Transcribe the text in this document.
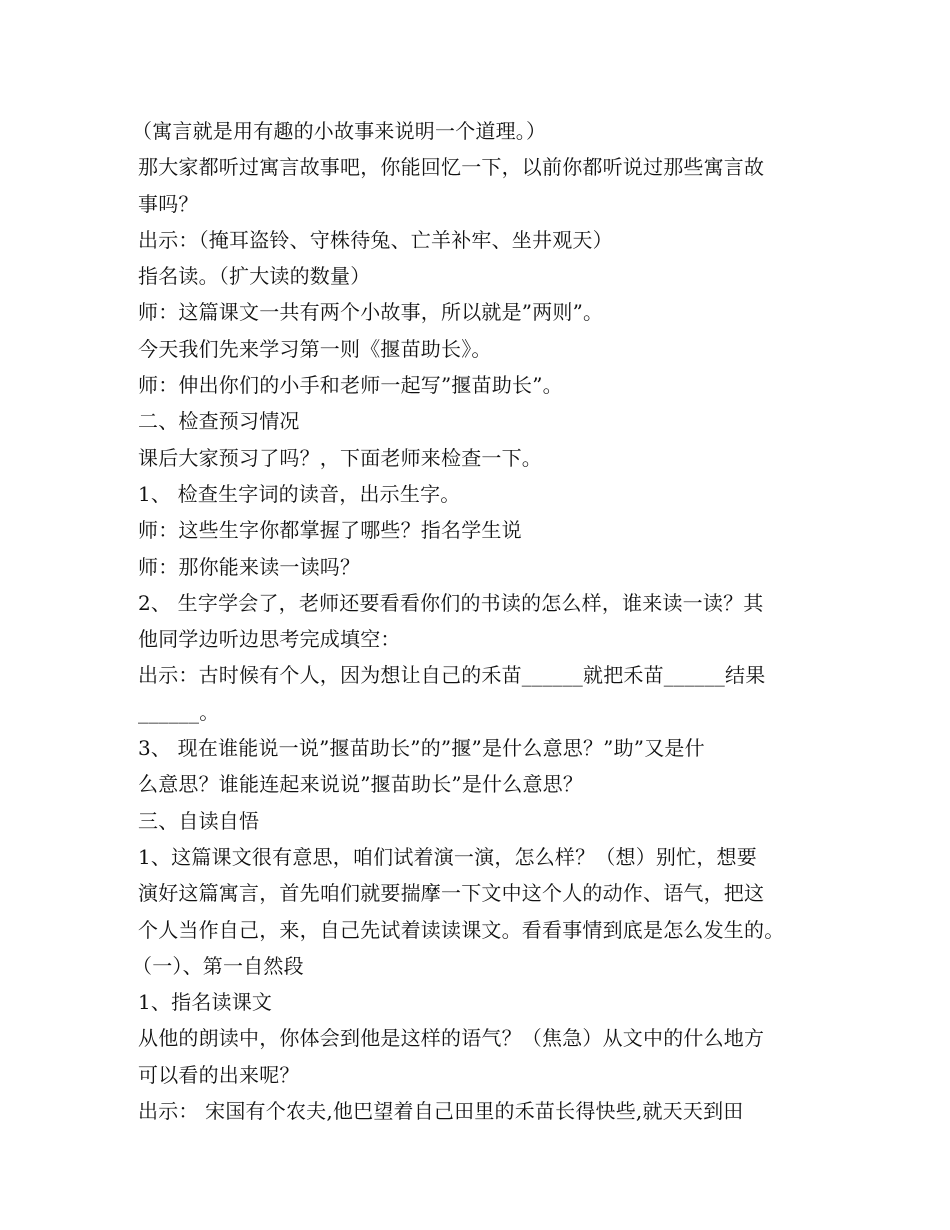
（寓言就是用有趣的小故事来说明一个道理。）
那大家都听过寓言故事吧，你能回忆一下，以前你都听说过那些寓言故
事吗？
出示：（掩耳盗铃、守株待兔、亡羊补牢、坐井观天）
指名读。（扩大读的数量）
师：这篇课文一共有两个小故事，所以就是”两则”。
今天我们先来学习第一则《揠苗助长》。
师：伸出你们的小手和老师一起写”揠苗助长”。
二、检查预习情况
课后大家预习了吗？，下面老师来检查一下。
1、 检查生字词的读音，出示生字。
师：这些生字你都掌握了哪些？指名学生说
师：那你能来读一读吗？
2、 生字学会了，老师还要看看你们的书读的怎么样，谁来读一读？其
他同学边听边思考完成填空：
出示：古时候有个人，因为想让自己的禾苗______就把禾苗______结果
______。
3、 现在谁能说一说”揠苗助长”的”揠”是什么意思？”助”又是什
么意思？谁能连起来说说”揠苗助长”是什么意思？
三、自读自悟
1、这篇课文很有意思，咱们试着演一演，怎么样？（想）别忙，想要
演好这篇寓言，首先咱们就要揣摩一下文中这个人的动作、语气，把这
个人当作自己，来，自己先试着读读课文。看看事情到底是怎么发生的。
（一）、第一自然段
1、指名读课文
从他的朗读中，你体会到他是这样的语气？（焦急）从文中的什么地方
可以看的出来呢？
出示： 宋国有个农夫,他巴望着自己田里的禾苗长得快些,就天天到田
